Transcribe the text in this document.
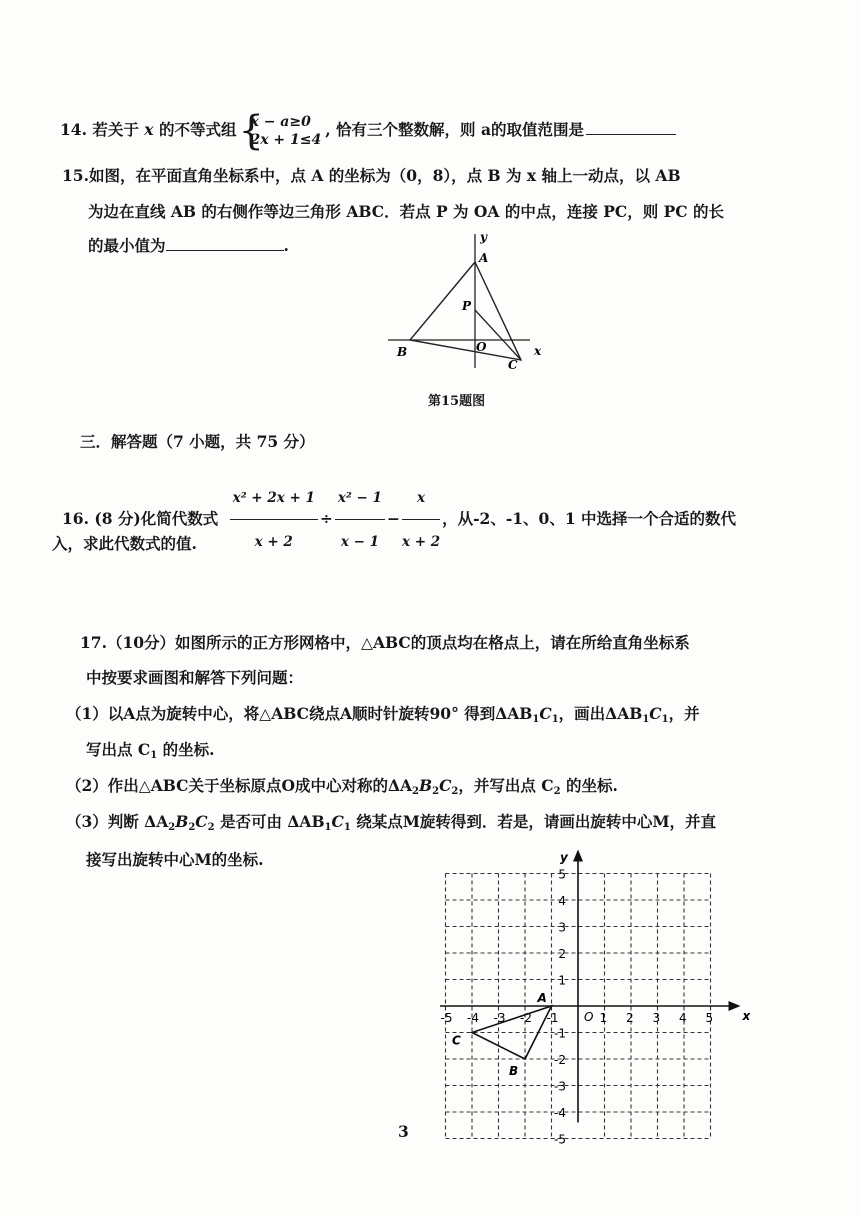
14. 若关于 x 的不等式组 {
x − a≥0
2x + 1≤4
, 恰有三个整数解，则 a的取值范围是
15.如图，在平面直角坐标系中，点 A 的坐标为（0，8），点 B 为 x 轴上一动点，以 AB
为边在直线 AB 的右侧作等边三角形 ABC．若点 P 为 OA 的中点，连接 PC，则 PC 的长
的最小值为	.	y
A
P
B	O
C
x
第15题图
三．解答题（7 小题，共 75 分）
16. (8 分)化简代数式 $\frac{\text{x² + 2x + 1}}{x + 2} \div \frac{\text{x² − 1}}{x - 1} - \frac{x}{x + 2}$ ，从-2、-1、0、1 中选择一个合适的数代
入，求此代数式的值.
17.（10分）如图所示的正方形网格中，△ABC的顶点均在格点上，请在所给直角坐标系
中按要求画图和解答下列问题：
（1）以A点为旋转中心，将△ABC绕点A顺时针旋转90° 得到$\Delta AB_1C_1$，画出$\Delta AB_1C_1$，并
写出点 $C_1$ 的坐标.
（2）作出△ABC关于坐标原点O成中心对称的$\Delta A_2B_2C_2$，并写出点 $C_2$ 的坐标.
（3）判断 $\Delta A_2B_2C_2$ 是否可由 $\Delta AB_1C_1$ 绕某点M旋转得到．若是，请画出旋转中心M，并直
接写出旋转中心M的坐标.
x
y
O
-5 -4 -3 -2 -1	1 2 3 4 5
5
4
3
2
1
-1
-2
-3
-4
-5
A
B
C
3
